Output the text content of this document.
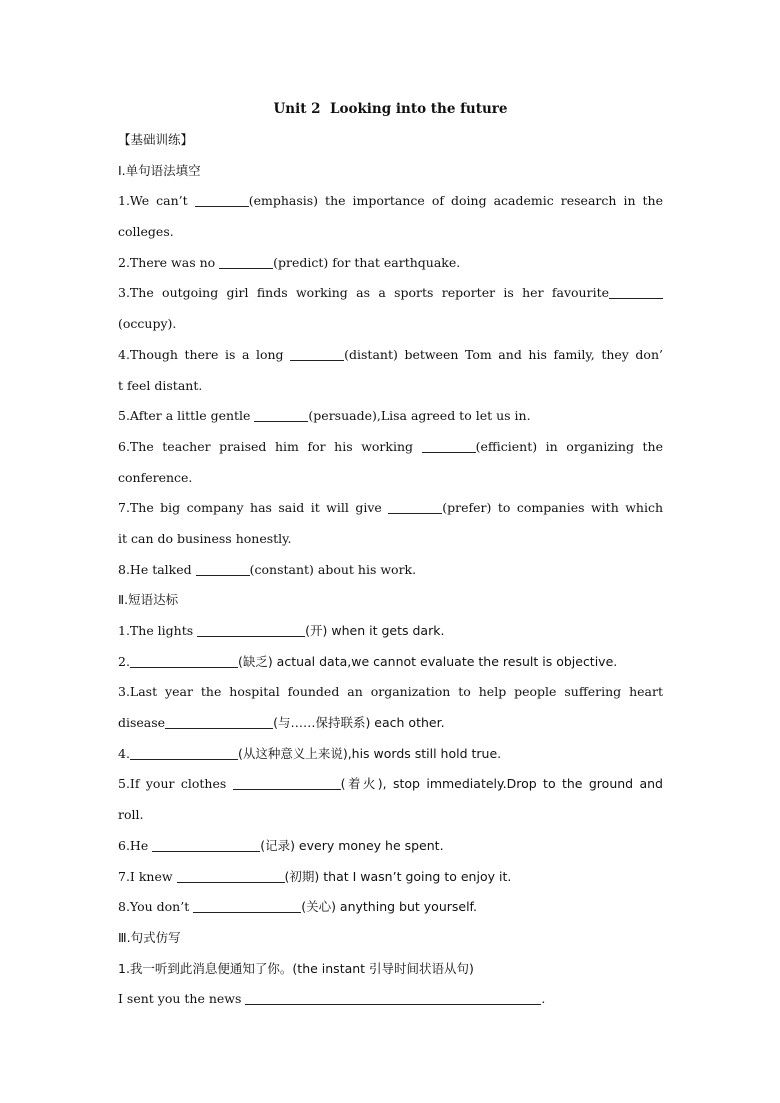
Unit 2  Looking into the future
【基础训练】
Ⅰ.单句语法填空
1.We can’t	(emphasis) the importance of doing academic research in the
colleges.
2.There was no	(predict) for that earthquake.
3.The outgoing girl finds working as a sports reporter is her favourite
(occupy).
4.Though there is a long	(distant) between Tom and his family, they don’
t feel distant.
5.After a little gentle	(persuade),Lisa agreed to let us in.
6.The teacher praised him for his working	(efficient) in organizing the
conference.
7.The big company has said it will give	(prefer) to companies with which
it can do business honestly.
8.He talked	(constant) about his work.
Ⅱ.短语达标
1.The lights	(开) when it gets dark.
2.	(缺乏) actual data,we cannot evaluate the result is objective.
3.Last year the hospital founded an organization to help people suffering heart
disease	(与……保持联系) each other.
4.	(从这种意义上来说),his words still hold true.
5.If your clothes	(着火), stop immediately.Drop to the ground and
roll.
6.He	(记录) every money he spent.
7.I knew	(初期) that I wasn’t going to enjoy it.
8.You don’t	(关心) anything but yourself.
Ⅲ.句式仿写
1.我一听到此消息便通知了你。(the instant 引导时间状语从句)
I sent you the news	.
